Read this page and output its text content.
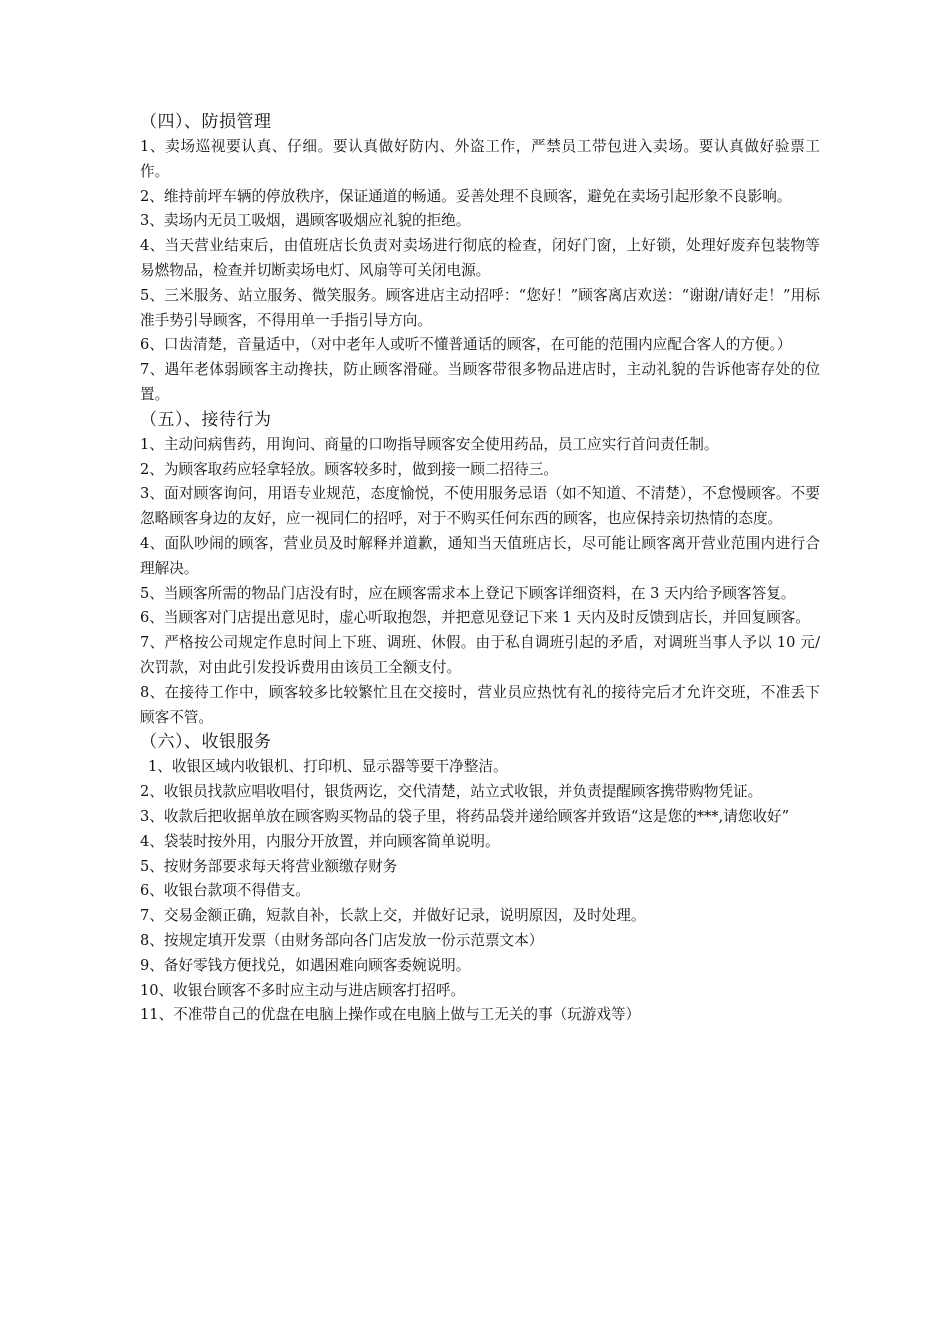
（四）、防损管理

1、卖场巡视要认真、仔细。要认真做好防内、外盗工作，严禁员工带包进入卖场。要认真做好验票工作。

2、维持前坪车辆的停放秩序，保证通道的畅通。妥善处理不良顾客，避免在卖场引起形象不良影响。

3、卖场内无员工吸烟，遇顾客吸烟应礼貌的拒绝。

4、当天营业结束后，由值班店长负责对卖场进行彻底的检查，闭好门窗，上好锁，处理好废弃包装物等易燃物品，检查并切断卖场电灯、风扇等可关闭电源。

5、三米服务、站立服务、微笑服务。顾客进店主动招呼：“您好！”顾客离店欢送：“谢谢/请好走！”用标准手势引导顾客，不得用单一手指引导方向。

6、口齿清楚，音量适中，（对中老年人或听不懂普通话的顾客，在可能的范围内应配合客人的方便。）

7、遇年老体弱顾客主动搀扶，防止顾客滑碰。当顾客带很多物品进店时，主动礼貌的告诉他寄存处的位置。

（五）、接待行为

1、主动问病售药，用询问、商量的口吻指导顾客安全使用药品，员工应实行首问责任制。

2、为顾客取药应轻拿轻放。顾客较多时，做到接一顾二招待三。

3、面对顾客询问，用语专业规范，态度愉悦，不使用服务忌语（如不知道、不清楚），不怠慢顾客。不要忽略顾客身边的友好，应一视同仁的招呼，对于不购买任何东西的顾客，也应保持亲切热情的态度。

4、面队吵闹的顾客，营业员及时解释并道歉，通知当天值班店长，尽可能让顾客离开营业范围内进行合理解决。

5、当顾客所需的物品门店没有时，应在顾客需求本上登记下顾客详细资料，在 3 天内给予顾客答复。

6、当顾客对门店提出意见时，虚心听取抱怨，并把意见登记下来 1 天内及时反馈到店长，并回复顾客。

7、严格按公司规定作息时间上下班、调班、休假。由于私自调班引起的矛盾，对调班当事人予以 10 元/次罚款，对由此引发投诉费用由该员工全额支付。

8、在接待工作中，顾客较多比较繁忙且在交接时，营业员应热忱有礼的接待完后才允许交班，不准丢下顾客不管。

（六）、收银服务

1、收银区域内收银机、打印机、显示器等要干净整洁。

2、收银员找款应唱收唱付，银货两讫，交代清楚，站立式收银，并负责提醒顾客携带购物凭证。

3、收款后把收据单放在顾客购买物品的袋子里，将药品袋并递给顾客并致语“这是您的***,请您收好”

4、袋装时按外用，内服分开放置，并向顾客简单说明。

5、按财务部要求每天将营业额缴存财务

6、收银台款项不得借支。

7、交易金额正确，短款自补，长款上交，并做好记录，说明原因，及时处理。

8、按规定填开发票（由财务部向各门店发放一份示范票文本）

9、备好零钱方便找兑，如遇困难向顾客委婉说明。

10、收银台顾客不多时应主动与进店顾客打招呼。

11、不准带自己的优盘在电脑上操作或在电脑上做与工无关的事（玩游戏等）
